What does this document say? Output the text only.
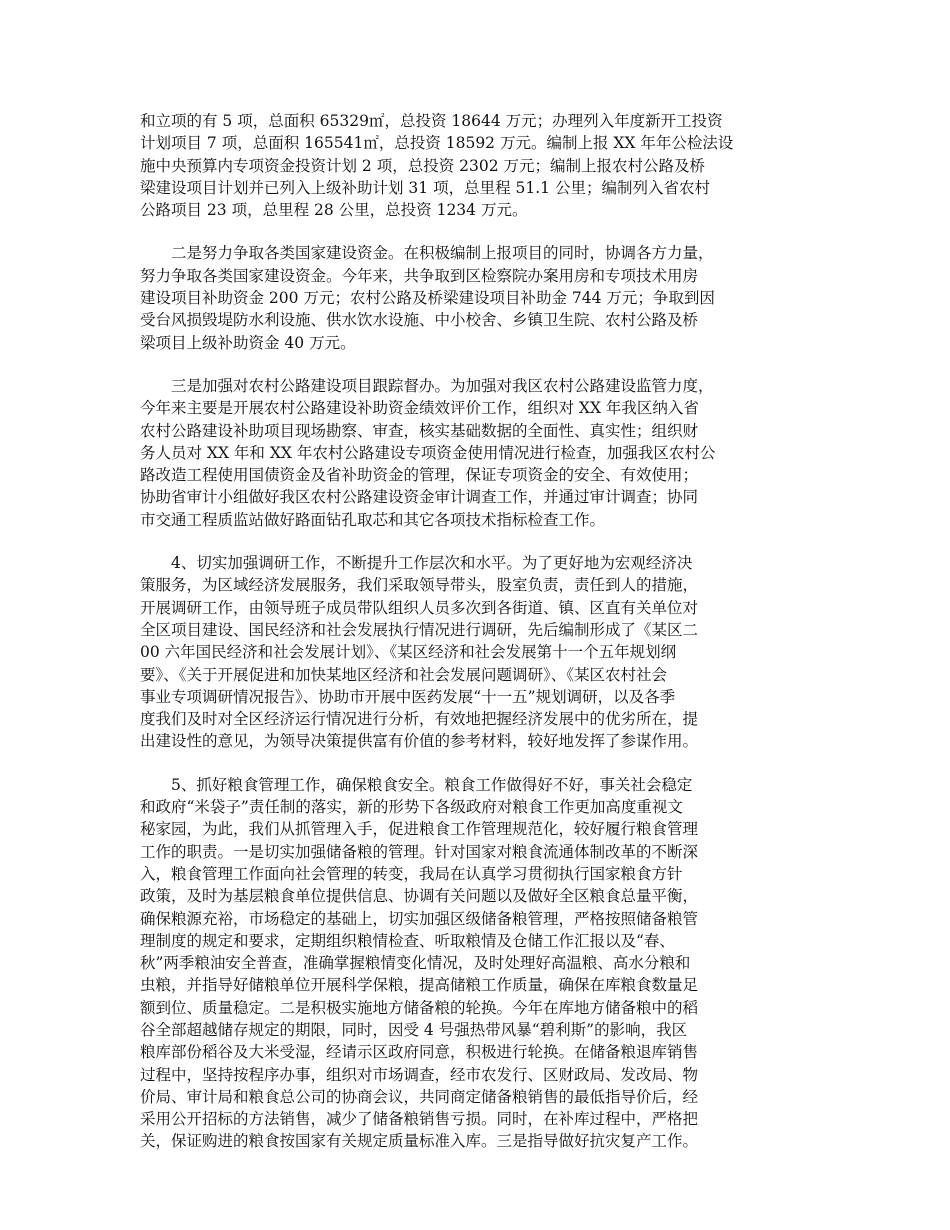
和立项的有 5 项，总面积 65329㎡，总投资 18644 万元；办理列入年度新开工投资
计划项目 7 项，总面积 165541㎡，总投资 18592 万元。编制上报 XX 年年公检法设
施中央预算内专项资金投资计划 2 项，总投资 2302 万元；编制上报农村公路及桥
梁建设项目计划并已列入上级补助计划 31 项，总里程 51.1 公里；编制列入省农村
公路项目 23 项，总里程 28 公里，总投资 1234 万元。
二是努力争取各类国家建设资金。在积极编制上报项目的同时，协调各方力量，
努力争取各类国家建设资金。今年来，共争取到区检察院办案用房和专项技术用房
建设项目补助资金 200 万元；农村公路及桥梁建设项目补助金 744 万元；争取到因
受台风损毁堤防水利设施、供水饮水设施、中小校舍、乡镇卫生院、农村公路及桥
梁项目上级补助资金 40 万元。
三是加强对农村公路建设项目跟踪督办。为加强对我区农村公路建设监管力度，
今年来主要是开展农村公路建设补助资金绩效评价工作，组织对 XX 年我区纳入省
农村公路建设补助项目现场勘察、审查，核实基础数据的全面性、真实性；组织财
务人员对 XX 年和 XX 年农村公路建设专项资金使用情况进行检查，加强我区农村公
路改造工程使用国债资金及省补助资金的管理，保证专项资金的安全、有效使用；
协助省审计小组做好我区农村公路建设资金审计调查工作，并通过审计调查；协同
市交通工程质监站做好路面钻孔取芯和其它各项技术指标检查工作。
4、切实加强调研工作，不断提升工作层次和水平。为了更好地为宏观经济决
策服务，为区域经济发展服务，我们采取领导带头，股室负责，责任到人的措施，
开展调研工作，由领导班子成员带队组织人员多次到各街道、镇、区直有关单位对
全区项目建设、国民经济和社会发展执行情况进行调研，先后编制形成了《某区二
00 六年国民经济和社会发展计划》、《某区经济和社会发展第十一个五年规划纲
要》、《关于开展促进和加快某地区经济和社会发展问题调研》、《某区农村社会
事业专项调研情况报告》、协助市开展中医药发展“十一五”规划调研，以及各季
度我们及时对全区经济运行情况进行分析，有效地把握经济发展中的优劣所在，提
出建设性的意见，为领导决策提供富有价值的参考材料，较好地发挥了参谋作用。
5、抓好粮食管理工作，确保粮食安全。粮食工作做得好不好，事关社会稳定
和政府“米袋子”责任制的落实，新的形势下各级政府对粮食工作更加高度重视文
秘家园，为此，我们从抓管理入手，促进粮食工作管理规范化，较好履行粮食管理
工作的职责。一是切实加强储备粮的管理。针对国家对粮食流通体制改革的不断深
入，粮食管理工作面向社会管理的转变，我局在认真学习贯彻执行国家粮食方针
政策，及时为基层粮食单位提供信息、协调有关问题以及做好全区粮食总量平衡，
确保粮源充裕，市场稳定的基础上，切实加强区级储备粮管理，严格按照储备粮管
理制度的规定和要求，定期组织粮情检查、听取粮情及仓储工作汇报以及“春、
秋”两季粮油安全普查，准确掌握粮情变化情况，及时处理好高温粮、高水分粮和
虫粮，并指导好储粮单位开展科学保粮，提高储粮工作质量，确保在库粮食数量足
额到位、质量稳定。二是积极实施地方储备粮的轮换。今年在库地方储备粮中的稻
谷全部超越储存规定的期限，同时，因受 4 号强热带风暴“碧利斯”的影响，我区
粮库部份稻谷及大米受湿，经请示区政府同意，积极进行轮换。在储备粮退库销售
过程中，坚持按程序办事，组织对市场调查，经市农发行、区财政局、发改局、物
价局、审计局和粮食总公司的协商会议，共同商定储备粮销售的最低指导价后，经
采用公开招标的方法销售，减少了储备粮销售亏损。同时，在补库过程中，严格把
关，保证购进的粮食按国家有关规定质量标准入库。三是指导做好抗灾复产工作。
